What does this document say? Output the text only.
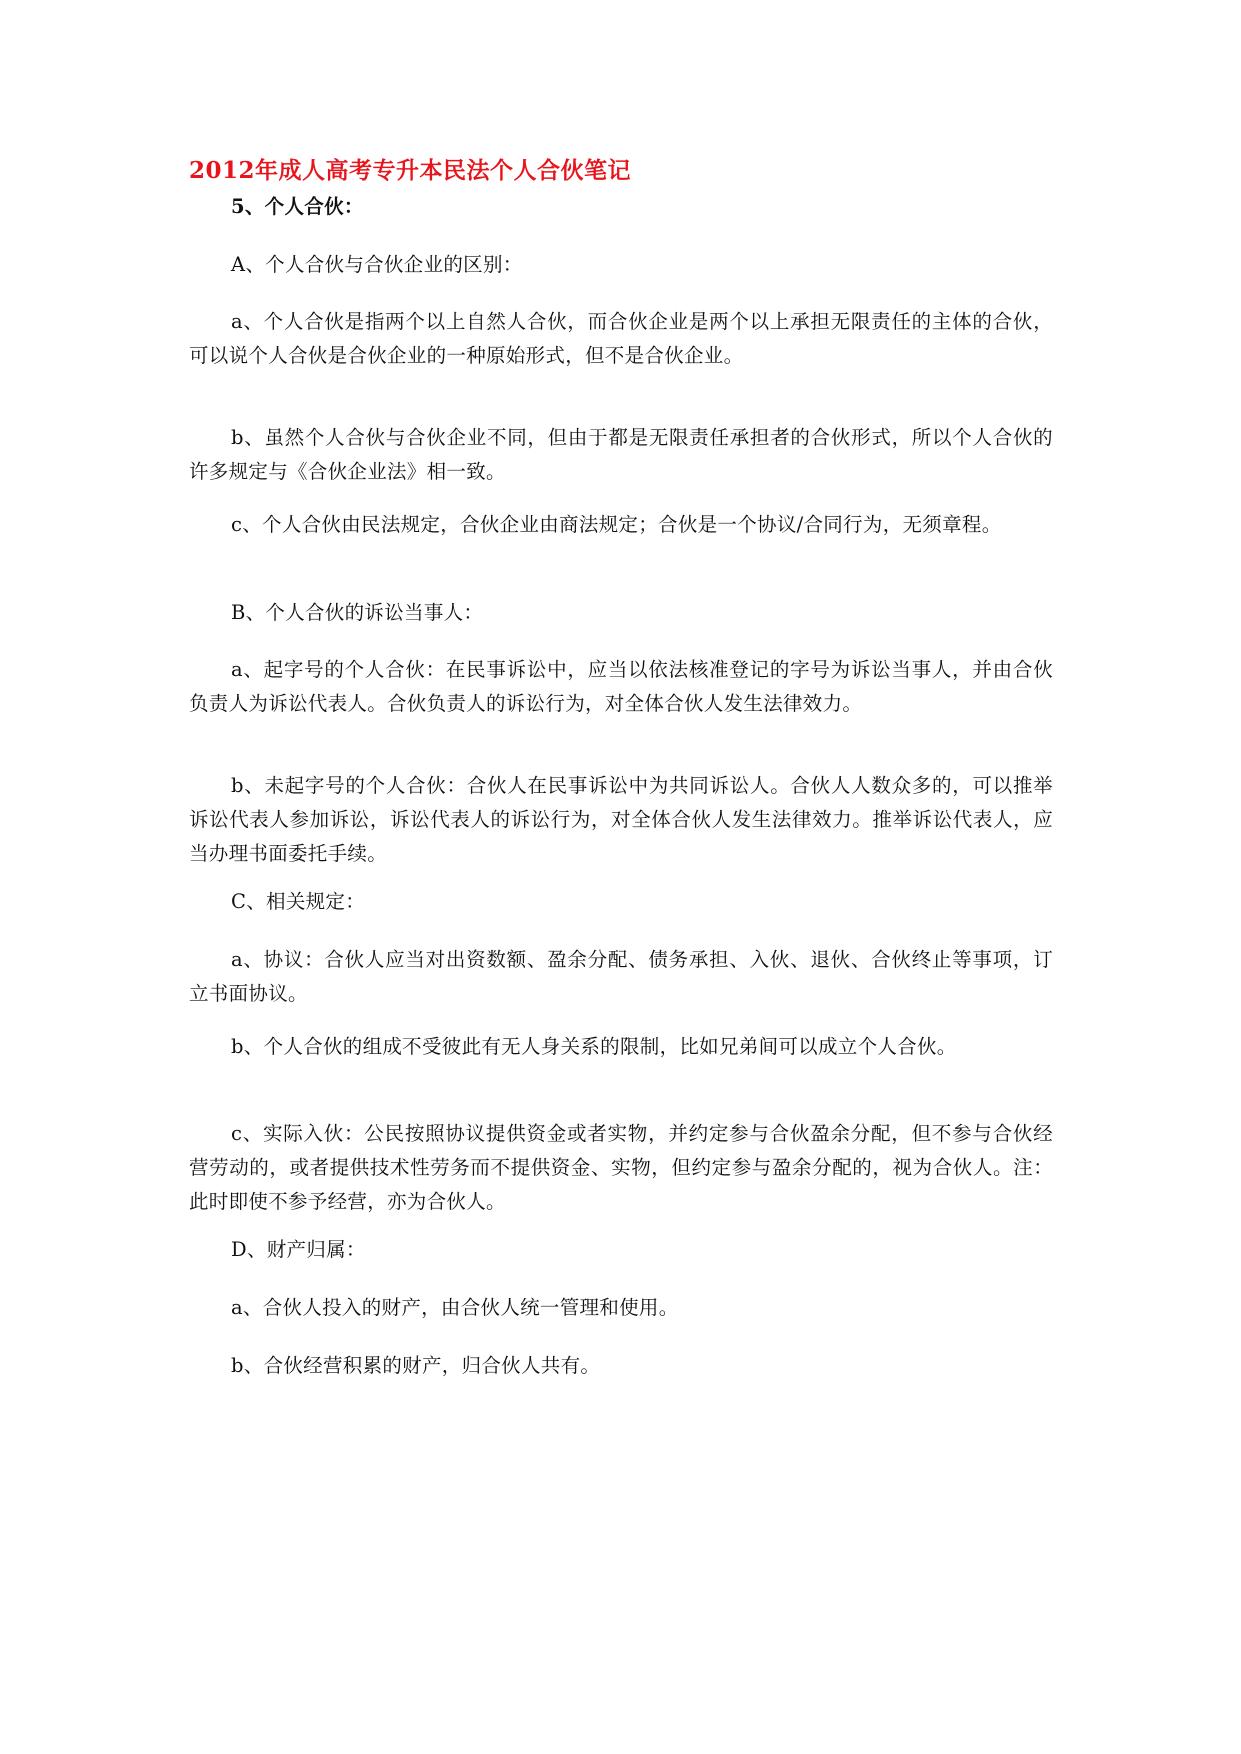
2012年成人高考专升本民法个人合伙笔记
5、个人合伙：
A、个人合伙与合伙企业的区别：
a、个人合伙是指两个以上自然人合伙，而合伙企业是两个以上承担无限责任的主体的合伙，可以说个人合伙是合伙企业的一种原始形式，但不是合伙企业。
b、虽然个人合伙与合伙企业不同，但由于都是无限责任承担者的合伙形式，所以个人合伙的许多规定与《合伙企业法》相一致。
c、个人合伙由民法规定，合伙企业由商法规定；合伙是一个协议/合同行为，无须章程。
B、个人合伙的诉讼当事人：
a、起字号的个人合伙：在民事诉讼中，应当以依法核准登记的字号为诉讼当事人，并由合伙负责人为诉讼代表人。合伙负责人的诉讼行为，对全体合伙人发生法律效力。
b、未起字号的个人合伙：合伙人在民事诉讼中为共同诉讼人。合伙人人数众多的，可以推举诉讼代表人参加诉讼，诉讼代表人的诉讼行为，对全体合伙人发生法律效力。推举诉讼代表人，应当办理书面委托手续。
C、相关规定：
a、协议：合伙人应当对出资数额、盈余分配、债务承担、入伙、退伙、合伙终止等事项，订立书面协议。
b、个人合伙的组成不受彼此有无人身关系的限制，比如兄弟间可以成立个人合伙。
c、实际入伙：公民按照协议提供资金或者实物，并约定参与合伙盈余分配，但不参与合伙经营劳动的，或者提供技术性劳务而不提供资金、实物，但约定参与盈余分配的，视为合伙人。注：此时即使不参予经营，亦为合伙人。
D、财产归属：
a、合伙人投入的财产，由合伙人统一管理和使用。
b、合伙经营积累的财产，归合伙人共有。
